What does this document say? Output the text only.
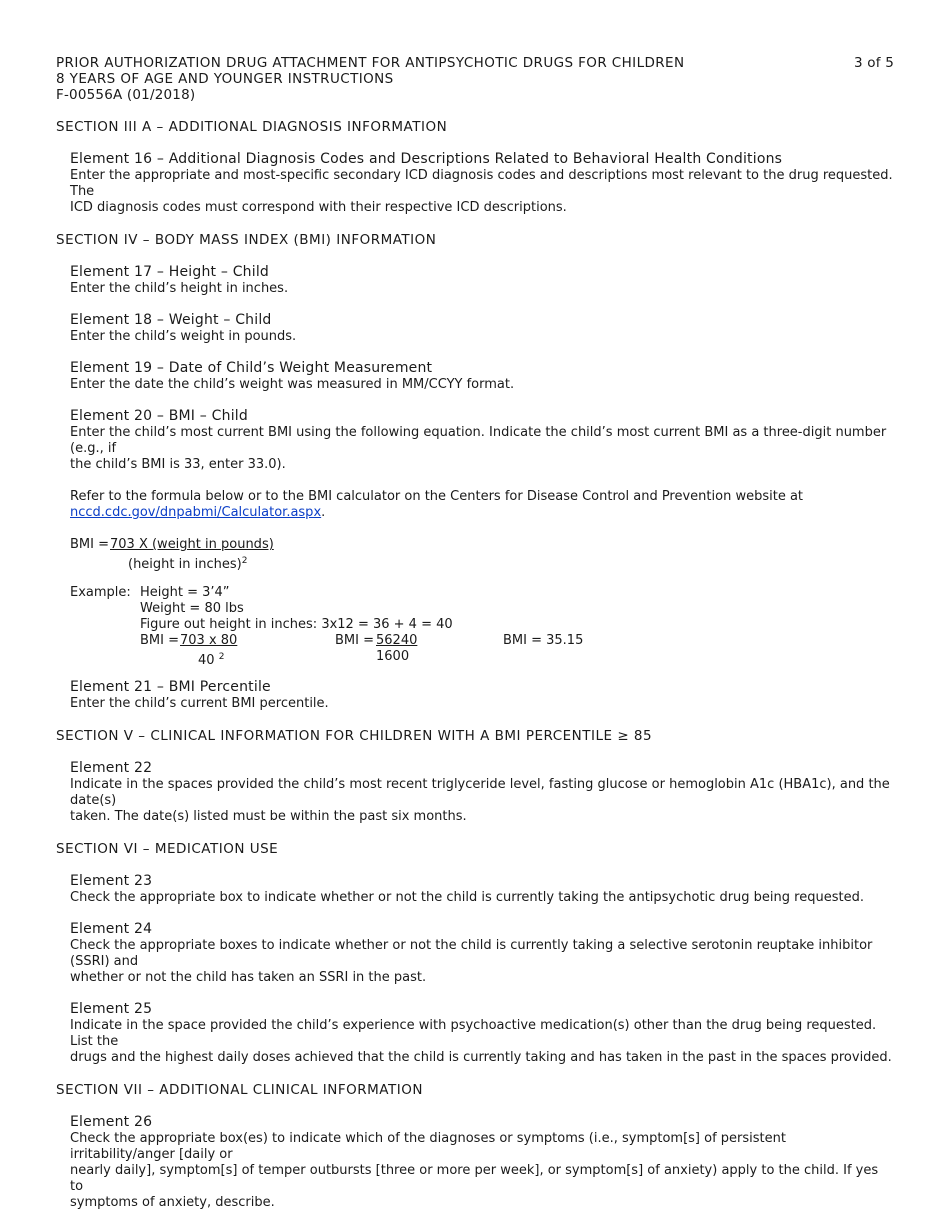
PRIOR AUTHORIZATION DRUG ATTACHMENT FOR ANTIPSYCHOTIC DRUGS FOR CHILDREN	3 of 5
8 YEARS OF AGE AND YOUNGER INSTRUCTIONS
F-00556A (01/2018)
SECTION III A – ADDITIONAL DIAGNOSIS INFORMATION
Element 16 – Additional Diagnosis Codes and Descriptions Related to Behavioral Health Conditions
Enter the appropriate and most-specific secondary ICD diagnosis codes and descriptions most relevant to the drug requested. The
ICD diagnosis codes must correspond with their respective ICD descriptions.
SECTION IV – BODY MASS INDEX (BMI) INFORMATION
Element 17 – Height – Child
Enter the child’s height in inches.
Element 18 – Weight – Child
Enter the child’s weight in pounds.
Element 19 – Date of Child’s Weight Measurement
Enter the date the child’s weight was measured in MM/CCYY format.
Element 20 – BMI – Child
Enter the child’s most current BMI using the following equation. Indicate the child’s most current BMI as a three-digit number (e.g., if
the child’s BMI is 33, enter 33.0).
Refer to the formula below or to the BMI calculator on the Centers for Disease Control and Prevention website at
nccd.cdc.gov/dnpabmi/Calculator.aspx.
BMI = 703 X (weight in pounds)
(height in inches)$^2$
Example: Height = 3’4”
Weight = 80 lbs
Figure out height in inches: 3x12 = 36 + 4 = 40
BMI = 703 x 80
40 $^2$
BMI = 56240
1600
BMI = 35.15
Element 21 – BMI Percentile
Enter the child’s current BMI percentile.
SECTION V – CLINICAL INFORMATION FOR CHILDREN WITH A BMI PERCENTILE ≥ 85
Element 22
Indicate in the spaces provided the child’s most recent triglyceride level, fasting glucose or hemoglobin A1c (HBA1c), and the date(s)
taken. The date(s) listed must be within the past six months.
SECTION VI – MEDICATION USE
Element 23
Check the appropriate box to indicate whether or not the child is currently taking the antipsychotic drug being requested.
Element 24
Check the appropriate boxes to indicate whether or not the child is currently taking a selective serotonin reuptake inhibitor (SSRI) and
whether or not the child has taken an SSRI in the past.
Element 25
Indicate in the space provided the child’s experience with psychoactive medication(s) other than the drug being requested. List the
drugs and the highest daily doses achieved that the child is currently taking and has taken in the past in the spaces provided.
SECTION VII – ADDITIONAL CLINICAL INFORMATION
Element 26
Check the appropriate box(es) to indicate which of the diagnoses or symptoms (i.e., symptom[s] of persistent irritability/anger [daily or
nearly daily], symptom[s] of temper outbursts [three or more per week], or symptom[s] of anxiety) apply to the child. If yes to
symptoms of anxiety, describe.
